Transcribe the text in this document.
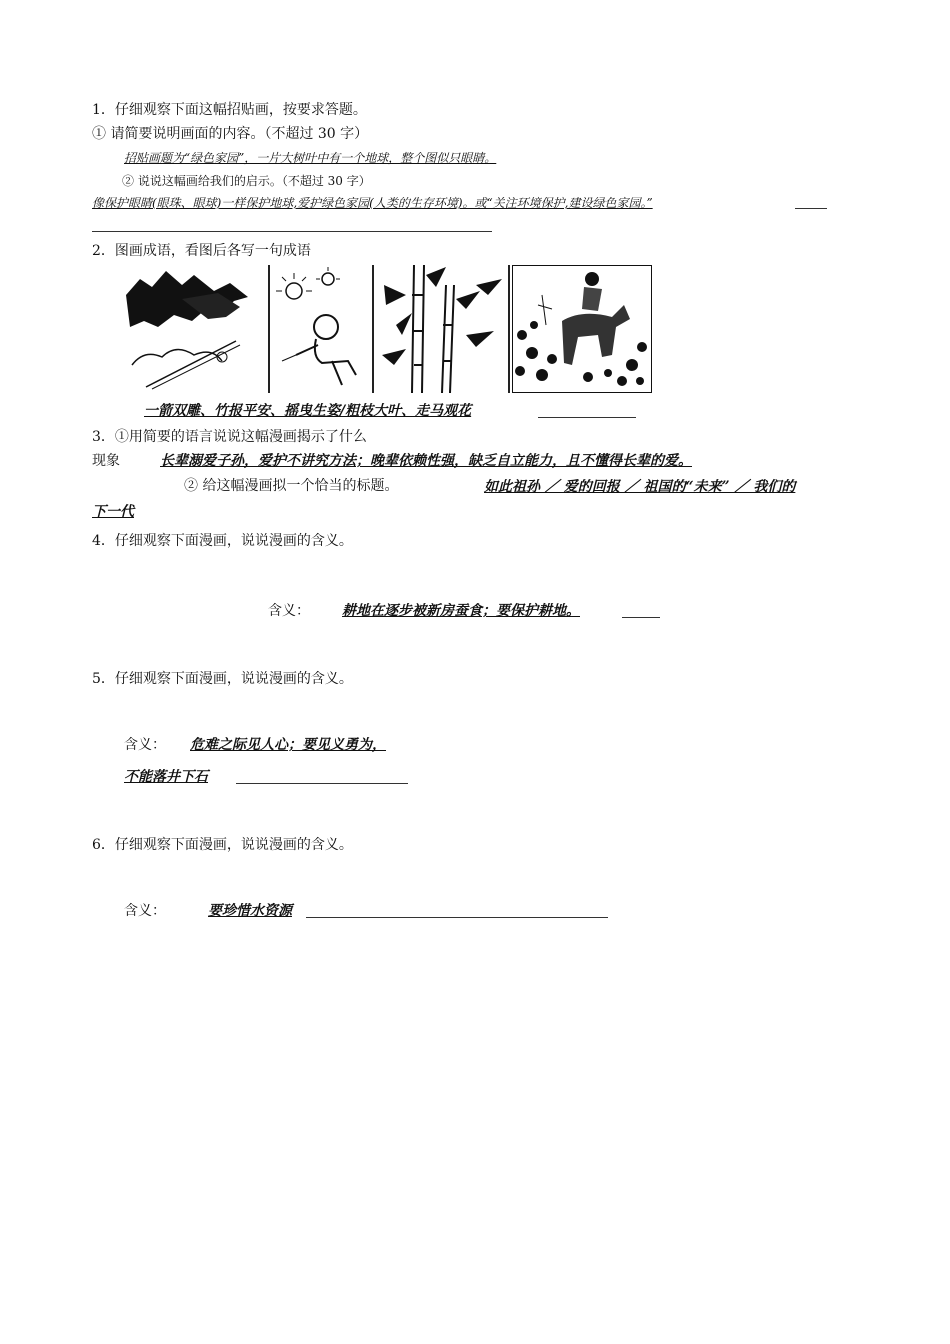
1．仔细观察下面这幅招贴画，按要求答题。
① 请简要说明画面的内容。（不超过 30 字）
招贴画题为“绿色家园”，一片大树叶中有一个地球，整个图似只眼睛。
② 说说这幅画给我们的启示。（不超过 30 字）
像保护眼睛(眼珠、眼球)一样保护地球,爱护绿色家园(人类的生存环境)。或“关注环境保护,建设绿色家园。”
2．图画成语，看图后各写一句成语
一箭双雕、竹报平安、摇曳生姿/粗枝大叶、走马观花
3．①用简要的语言说说这幅漫画揭示了什么
现象	长辈溺爱子孙，爱护不讲究方法；晚辈依赖性强，缺乏自立能力，且不懂得长辈的爱。
② 给这幅漫画拟一个恰当的标题。	如此祖孙 ／ 爱的回报 ／ 祖国的“未来” ／ 我们的
下一代
4．仔细观察下面漫画，说说漫画的含义。
含义：	耕地在逐步被新房蚕食；要保护耕地。
5．仔细观察下面漫画，说说漫画的含义。
含义：	危难之际见人心；要见义勇为，
不能落井下石
6．仔细观察下面漫画，说说漫画的含义。
含义：	要珍惜水资源
